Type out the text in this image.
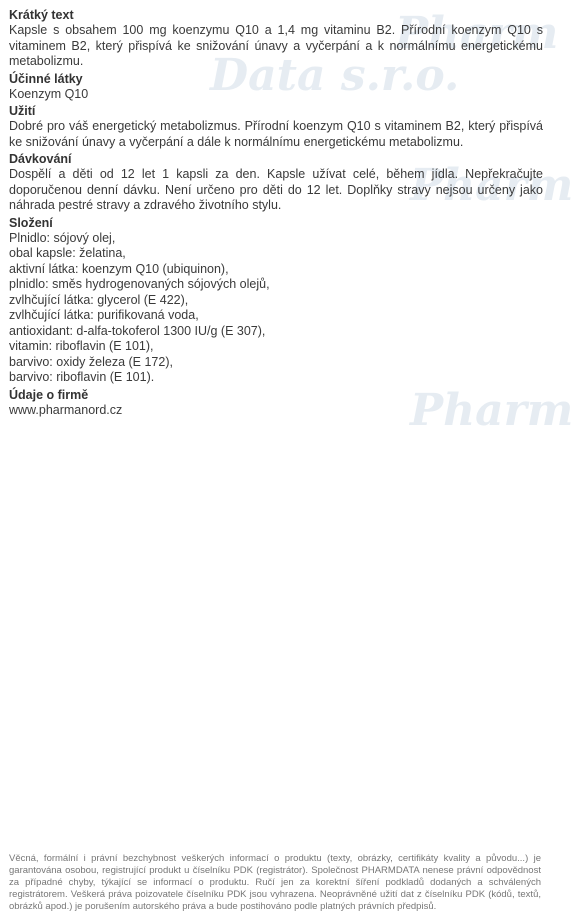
Pharm
Data s.r.o.
Pharm
Pharm
Krátký text

Kapsle s obsahem 100 mg koenzymu Q10 a 1,4 mg vitaminu B2. Přírodní koenzym Q10 s vitaminem B2, který přispívá ke snižování únavy a vyčerpání a k normálnímu energetickému metabolizmu.

Účinné látky

Koenzym Q10

Užití

Dobré pro váš energetický metabolizmus. Přírodní koenzym Q10 s vitaminem B2, který přispívá ke snižování únavy a vyčerpání a dále k normálnímu energetickému metabolizmu.

Dávkování

Dospělí a děti od 12 let 1 kapsli za den. Kapsle užívat celé, během jídla. Nepřekračujte doporučenou denní dávku. Není určeno pro děti do 12 let. Doplňky stravy nejsou určeny jako náhrada pestré stravy a zdravého životního stylu.

Složení
Plnidlo: sójový olej,
obal kapsle: želatina,
aktivní látka: koenzym Q10 (ubiquinon),
plnidlo: směs hydrogenovaných sójových olejů,
zvlhčující látka: glycerol (E 422),
zvlhčující látka: purifikovaná voda,
antioxidant: d-alfa-tokoferol 1300 IU/g (E 307),
vitamin: riboflavin (E 101),
barvivo: oxidy železa (E 172),
barvivo: riboflavin (E 101).
Údaje o firmě

www.pharmanord.cz

Věcná, formální i právní bezchybnost veškerých informací o produktu (texty, obrázky, certifikáty kvality a původu...) je garantována osobou, registrující produkt u číselníku PDK (registrátor). Společnost PHARMDATA nenese právní odpovědnost za případné chyby, týkající se informací o produktu. Ručí jen za korektní šíření podkladů dodaných a schválených registrátorem. Veškerá práva poizovatele číselníku PDK jsou vyhrazena. Neoprávněné užití dat z číselníku PDK (kódů, textů, obrázků apod.) je porušením autorského práva a bude postihováno podle platných právních předpisů.
